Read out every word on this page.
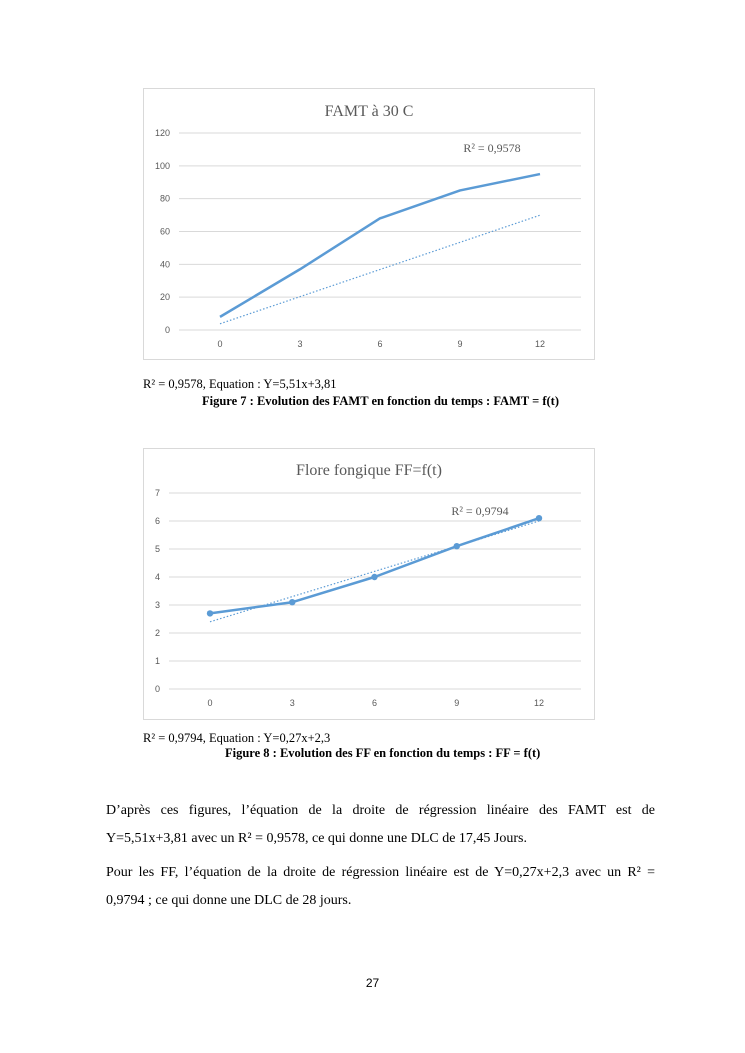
FAMT à 30 C
0
20
40
60
80
100
120
0	3	6	9	12
R² = 0,9578
R² = 0,9578, Equation : Y=5,51x+3,81
Figure 7 : Evolution des FAMT en fonction du temps : FAMT = f(t)
Flore fongique FF=f(t)
0
1
2
3
4
5
6
7
0	3	6	9	12
R² = 0,9794
R² = 0,9794, Equation : Y=0,27x+2,3
Figure 8 : Evolution des FF en fonction du temps : FF = f(t)
D’après ces figures, l’équation de la droite de régression linéaire des FAMT est de
Y=5,51x+3,81 avec un R² = 0,9578, ce qui donne une DLC de 17,45 Jours.
Pour les FF, l’équation de la droite de régression linéaire est de Y=0,27x+2,3 avec un R² =
0,9794 ; ce qui donne une DLC de 28 jours.
27
